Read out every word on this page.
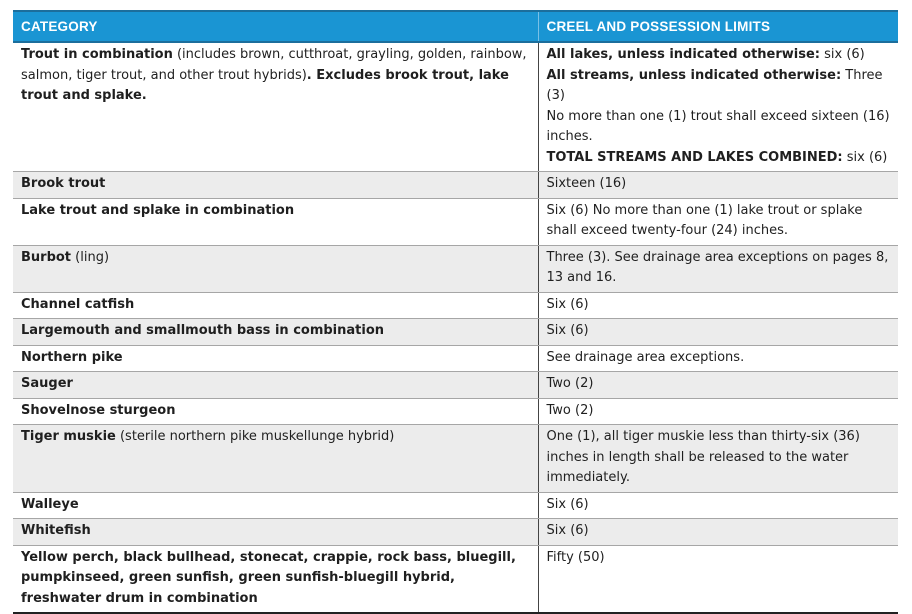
CATEGORY	CREEL AND POSSESSION LIMITS
Trout in combination (includes brown, cutthroat, grayling, golden, rainbow, salmon, tiger trout, and other trout hybrids). Excludes brook trout, lake trout and splake.	All lakes, unless indicated otherwise: six (6)
All streams, unless indicated otherwise: Three (3)
No more than one (1) trout shall exceed sixteen (16) inches.
TOTAL STREAMS AND LAKES COMBINED: six (6)

Brook trout	Sixteen (16)
Lake trout and splake in combination	Six (6) No more than one (1) lake trout or splake shall exceed twenty-four (24) inches.
Burbot (ling)	Three (3). See drainage area exceptions on pages 8, 13 and 16.
Channel catfish	Six (6)
Largemouth and smallmouth bass in combination	Six (6)
Northern pike	See drainage area exceptions.
Sauger	Two (2)
Shovelnose sturgeon	Two (2)
Tiger muskie (sterile northern pike muskellunge hybrid)	One (1), all tiger muskie less than thirty-six (36) inches in length shall be released to the water immediately.
Walleye	Six (6)
Whitefish	Six (6)
Yellow perch, black bullhead, stonecat, crappie, rock bass, bluegill, pumpkinseed, green sunfish, green sunfish-bluegill hybrid, freshwater drum in combination	Fifty (50)
